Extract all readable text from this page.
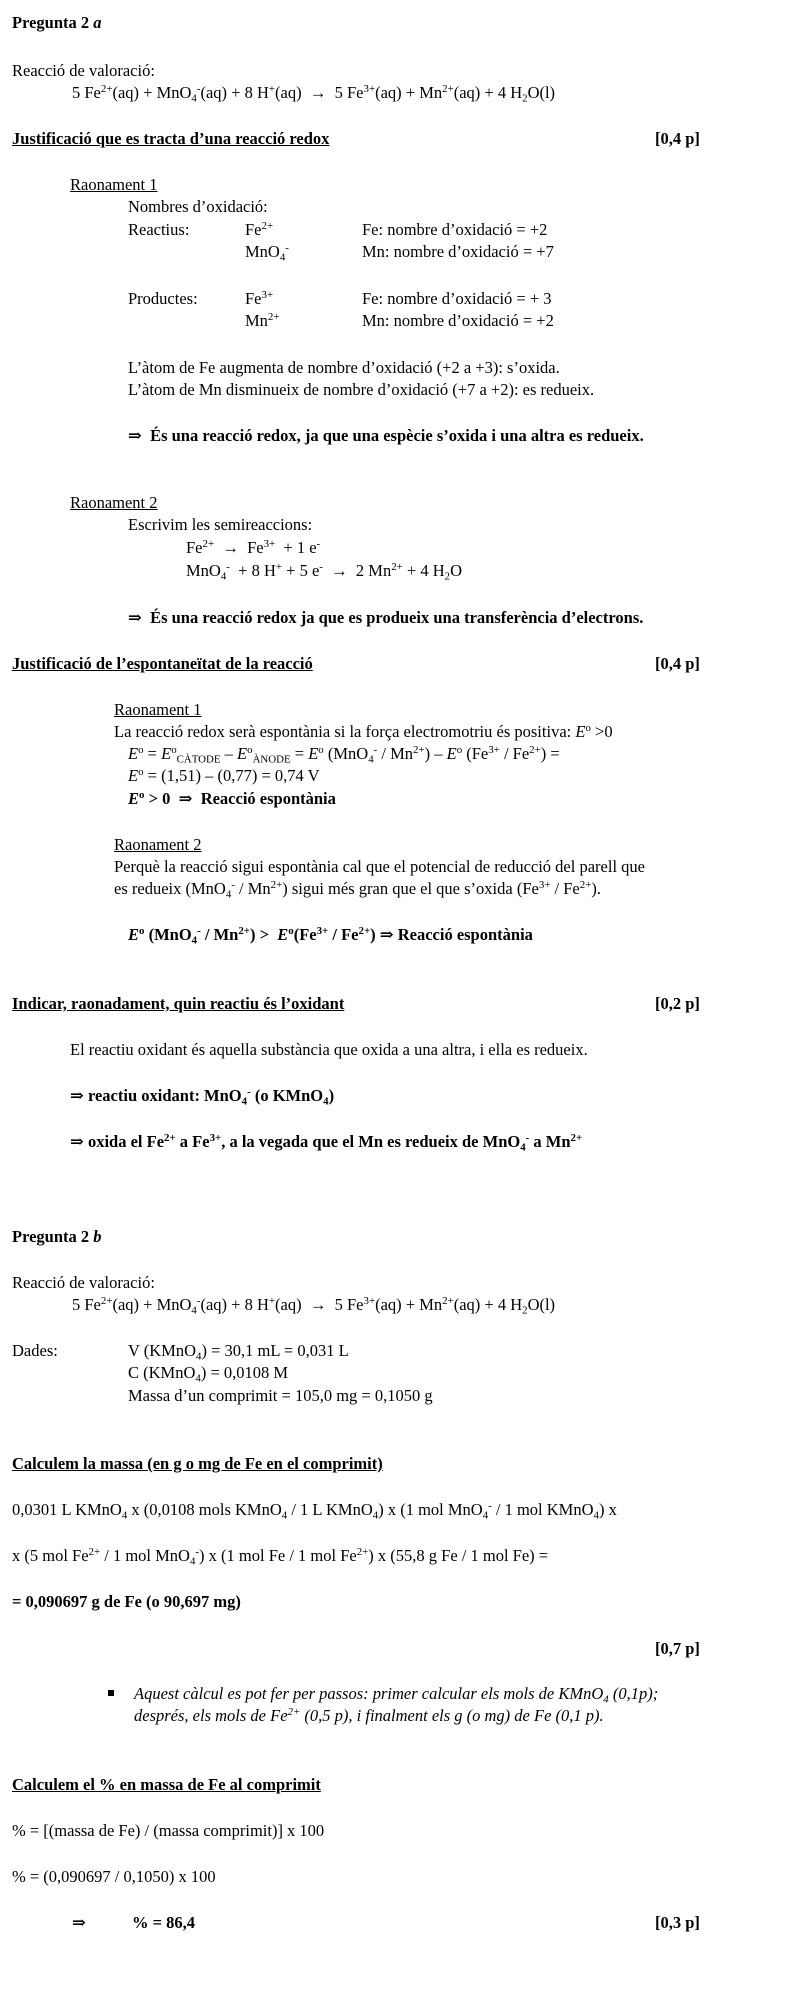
Pregunta 2 a
Reacció de valoració:
5 $Fe^{2+}(aq) + MnO_4^-(aq) + 8$ H+(aq) → 5 $Fe^{3+}(aq) + Mn^{2+}(aq) + 4$ $H_2O(l)$
Justificació que es tracta d’una reacció redox	[0,4 p]
Raonament 1
Nombres d’oxidació:
Reactius:	$Fe^{2+}$	Fe: nombre d’oxidació = +2
MnO$_4$-	Mn: nombre d’oxidació = +7
Productes:	$Fe^{3+}$	Fe: nombre d’oxidació = + 3
$Mn^{2+}$	Mn: nombre d’oxidació = +2
L’àtom de Fe augmenta de nombre d’oxidació (+2 a +3): s’oxida.
L’àtom de Mn disminueix de nombre d’oxidació (+7 a +2): es redueix.
⇒ És una reacció redox, ja que una espècie s’oxida i una altra es redueix.
Raonament 2
Escrivim les semireaccions:
$Fe^{2+} \to Fe^{3+} + 1$ e-
MnO$_4$- + 8 H+ + 5 e- → 2 $Mn^{2+} + 4$ $H_2O$
⇒ És una reacció redox ja que es produeix una transferència d’electrons.
Justificació de l’espontaneïtat de la reacció	[0,4 p]
Raonament 1
La reacció redox serà espontània si la força electromotriu és positiva: $E^o >0$
$E^o = E^o_{CÀTODE} - E^o_{ÀNODE} = E^o$ $(MnO_4^- / Mn^{2+}) - E^o$ $(Fe^{3+} / Fe^{2+})$ =
$E^o = (1,51) - (0,77) = 0,74$ V
$E^o > 0$ ⇒ Reacció espontània
Raonament 2
Perquè la reacció sigui espontània cal que el potencial de reducció del parell que
es redueix $(MnO_4^- / Mn^{2+})$ sigui més gran que el que s’oxida $(Fe^{3+} / Fe^{2+})$.
$E^o$ $(MnO_4^- / Mn^{2+}) > E^o(Fe^{3+} / Fe^{2+})$ ⇒ Reacció espontània
Indicar, raonadament, quin reactiu és l’oxidant	[0,2 p]
El reactiu oxidant és aquella substància que oxida a una altra, i ella es redueix.
⇒ reactiu oxidant: MnO$_4$- (o KMnO$_4$)
⇒ oxida el $Fe^{2+}$ a $Fe^{3+}$, a la vegada que el Mn es redueix de MnO$_4$- a $Mn^{2+}$
Pregunta 2 b
Reacció de valoració:
5 $Fe^{2+}(aq) + MnO_4^-(aq) + 8$ H+(aq) → 5 $Fe^{3+}(aq) + Mn^{2+}(aq) + 4$ $H_2O(l)$
Dades:	V (KMnO$_4$) = 30,1 mL = 0,031 L
C (KMnO$_4$) = 0,0108 M
Massa d’un comprimit = 105,0 mg = 0,1050 g
Calculem la massa (en g o mg de Fe en el comprimit)
0,0301 L KMnO$_4$ x (0,0108 mols KMnO$_4$ / 1 L KMnO$_4$) x (1 mol MnO$_4$- / 1 mol KMnO$_4$) x
x (5 mol $Fe^{2+} / 1$ mol MnO$_4$-) x (1 mol Fe / 1 mol $Fe^{2+}$) x (55,8 g Fe / 1 mol Fe) =
= 0,090697 g de Fe (o 90,697 mg)
[0,7 p]
Aquest càlcul es pot fer per passos: primer calcular els mols de KMnO$_4$ (0,1p);
després, els mols de $Fe^{2+}$ (0,5 p), i finalment els g (o mg) de Fe (0,1 p).
Calculem el % en massa de Fe al comprimit
% = [(massa de Fe) / (massa comprimit)] x 100
% = (0,090697 / 0,1050) x 100
⇒	% = 86,4	[0,3 p]
